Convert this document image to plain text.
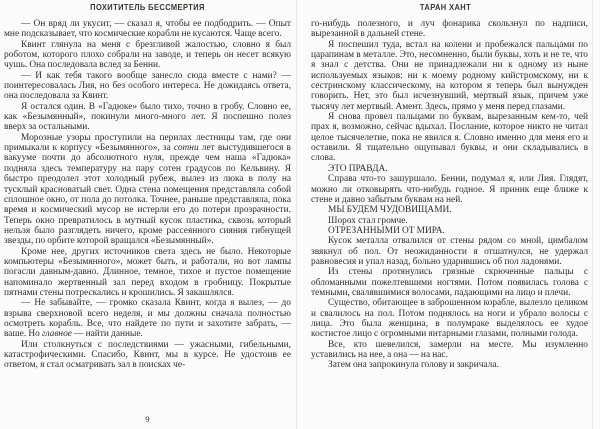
ПОХИТИТЕЛЬ БЕССМЕРТИЯ

— Он вряд ли укусит, — сказал я, чтобы ее подбодрить. — Опыт мне подсказывает, что космические корабли не кусаются. Чаще всего.

Квинт глянула на меня с брезгливой жалостью, словно я был роботом, которого плохо собрали на заводе, и теперь он несет всякую чушь. Она последовала вслед за Бенни.

— И как тебя такого вообще занесло сюда вместе с нами? — поинтересовалась Лия, но без особого интереса. Не дожидаясь ответа, она последовала за Квинт.

Я остался один. В «Гадюке» было тихо, точно в гробу. Словно ее, как «Безымянный», покинули много-много лет. Я поспешно полез вверх за остальными.

Морозные узоры проступили на перилах лестницы там, где они примыкали к корпусу «Безымянного», за сотни лет выстудившегося в вакууме почти до абсолютного нуля, прежде чем наша «Гадюка» подняла здесь температуру на пару сотен градусов по Кельвину. Я быстро преодолел этот холодный рубеж, вылез из люка в полу на тусклый красноватый свет. Одна стена помещения представляла собой сплошное окно, от пола до потолка. Точнее, раньше представляла, пока время и космический мусор не истерли его до потери прозрачности. Теперь окно превратилось в мутный кусок пластика, сквозь который нельзя было разглядеть ничего, кроме рассеянного сияния гибнущей звезды, по орбите которой вращался «Безымянный».

Кроме нее, других источников света здесь не было. Некоторые компьютеры «Безымянного», может быть, и работали, но вот лампы погасли давным-давно. Длинное, темное, тихое и пустое помещение напоминало жертвенный зал перед входом в гробницу. Покрытые пятнами стены потрескались и крошились. Я закашлялся.

— Не забывайте, — громко сказала Квинт, когда я вылез, — до взрыва сверхновой всего неделя, и мы должны сначала полностью осмотреть корабль. Все, что найдете по пути и захотите забрать, — ваше. Но главное — найти данные.

Или столкнуться с последствиями — ужасными, гибельными, катастрофическими. Спасибо, Квинт, мы в курсе. Не удостоив ее ответом, я стал осматривать зал в поисках че-

9
ТАРАН ХАНТ

го-нибудь полезного, и луч фонарика скользнул по надписи, вырезанной в дальней стене.

Я поспешил туда, встал на колени и пробежался пальцами по царапинам в металле. Это, несомненно, были буквы, хоть и не те, что я знал с детства. Они не принадлежали ни к одному из ныне используемых языков: ни к моему родному кийстромскому, ни к сестринскому классическому, на котором я теперь был вынужден говорить. Нет, это был исчезнувший, мертвый язык, причем уже тысячу лет мертвый. Амент. Здесь, прямо у меня перед глазами.

Я снова провел пальцами по буквам, вырезанным кем-то, чей прах я, возможно, сейчас вдыхал. Послание, которое никто не читал целое тысячелетие, пока не явился я. Словно именно для меня его и оставили. Я тщательно ощупывал буквы, и они складывались в слова.

ЭТО ПРАВДА.

Справа что-то зашуршало. Бенни, подумал я, или Лия. Глядят, можно ли отковырять что-нибудь годное. Я приник еще ближе к стене и давно забытым буквам на ней.

МЫ БУДЕМ ЧУДОВИЩАМИ.

Шорох стал громче.

ОТРЕЗАННЫМИ ОТ МИРА.

Кусок металла отвалился от стены рядом со мной, цимбалом звякнул об пол. От неожиданности я отшатнулся, не удержал равновесия и упал назад, больно ударившись об пол ладонями.

Из стены протянулись грязные скрюченные пальцы с обломанными пожелтевшими ногтями. Потом появилась голова с темными, свалявшимися волосами, падающими на лицо и плечи.

Существо, обитающее в заброшенном корабле, вылезло целиком и свалилось на пол. Потом поднялось на ноги и убрало волосы с лица. Это была женщина, в полумраке выделялось ее худое костистое лицо с огромными янтарными глазами, полными голода.

Все, кто шевелился, замерли на месте. Мы изумленно уставились на нее, а она — на нас.

Затем она запрокинула голову и закричала.
